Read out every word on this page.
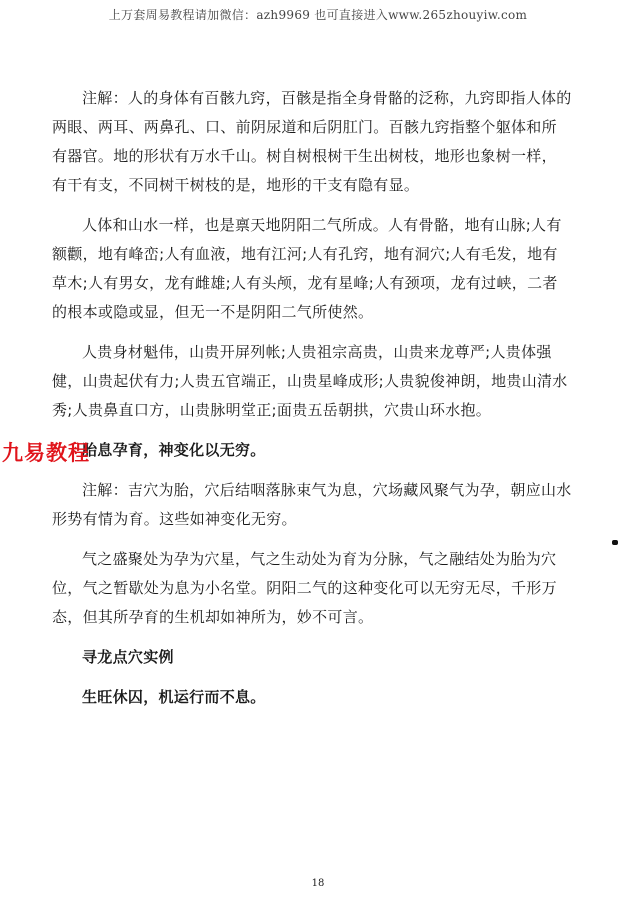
上万套周易教程请加微信：azh9969 也可直接进入www.265zhouyiw.com

注解：人的身体有百骸九窍，百骸是指全身骨骼的泛称，九窍即指人体的两眼、两耳、两鼻孔、口、前阴尿道和后阴肛门。百骸九窍指整个躯体和所有器官。地的形状有万水千山。树自树根树干生出树枝，地形也象树一样，有干有支，不同树干树枝的是，地形的干支有隐有显。

人体和山水一样，也是禀天地阴阳二气所成。人有骨骼，地有山脉;人有额颧，地有峰峦;人有血液，地有江河;人有孔窍，地有洞穴;人有毛发，地有草木;人有男女，龙有雌雄;人有头颅，龙有星峰;人有颈项，龙有过峡，二者的根本或隐或显，但无一不是阴阳二气所使然。

人贵身材魁伟，山贵开屏列帐;人贵祖宗高贵，山贵来龙尊严;人贵体强健，山贵起伏有力;人贵五官端正，山贵星峰成形;人贵貌俊神朗，地贵山清水秀;人贵鼻直口方，山贵脉明堂正;面贵五岳朝拱，穴贵山环水抱。

胎息孕育，神变化以无穷。

注解：吉穴为胎，穴后结咽落脉束气为息，穴场藏风聚气为孕，朝应山水形势有情为育。这些如神变化无穷。

气之盛聚处为孕为穴星，气之生动处为育为分脉，气之融结处为胎为穴位，气之暂歇处为息为小名堂。阴阳二气的这种变化可以无穷无尽，千形万态，但其所孕育的生机却如神所为，妙不可言。

寻龙点穴实例

生旺休囚，机运行而不息。

九易教程
18
